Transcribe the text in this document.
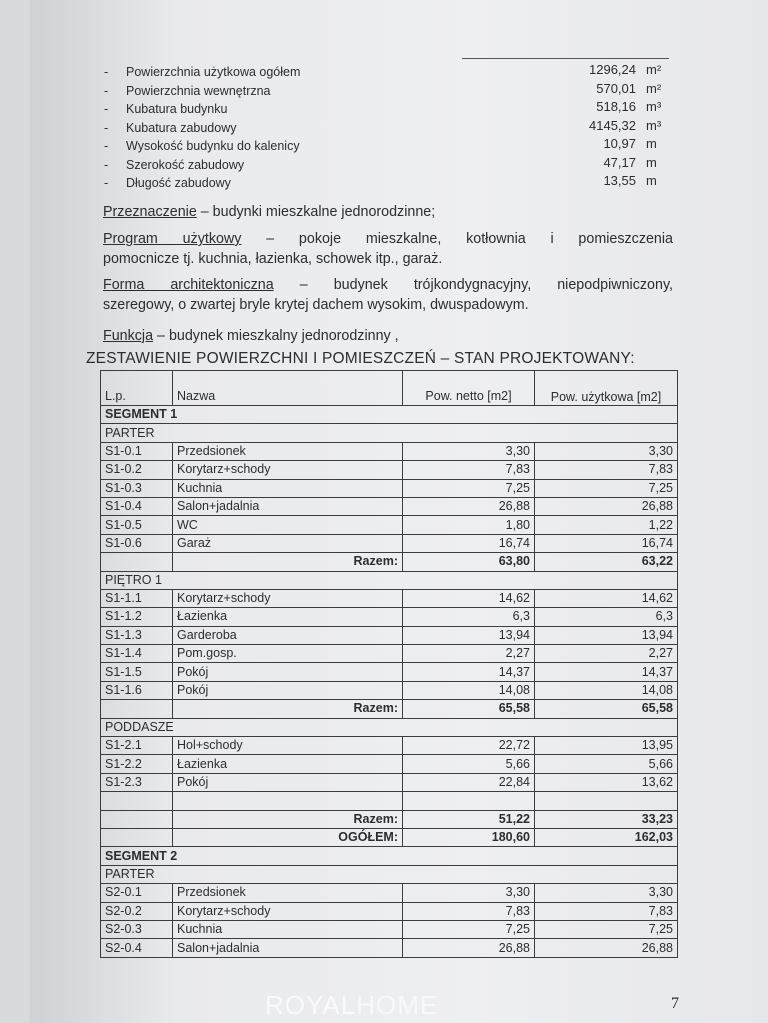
- Powierzchnia użytkowa ogółem	1296,24 m²
- Powierzchnia wewnętrzna	570,01 m²
- Kubatura budynku	518,16 m³
- Kubatura zabudowy	4145,32 m³
- Wysokość budynku do kalenicy	10,97 m
- Szerokość zabudowy	47,17 m
- Długość zabudowy	13,55 m
Przeznaczenie – budynki mieszkalne jednorodzinne;
Program użytkowy – pokoje mieszkalne, kotłownia i pomieszczenia
pomocnicze tj. kuchnia, łazienka, schowek itp., garaż.
Forma architektoniczna – budynek trójkondygnacyjny, niepodpiwniczony,
szeregowy, o zwartej bryle krytej dachem wysokim, dwuspadowym.
Funkcja – budynek mieszkalny jednorodzinny ,
ZESTAWIENIE POWIERZCHNI I POMIESZCZEŃ – STAN PROJEKTOWANY:
L.p.	Nazwa	Pow. netto [m2]	Pow. użytkowa [m2]
SEGMENT 1			
PARTER			
S1-0.1	Przedsionek	3,30	3,30
S1-0.2	Korytarz+schody	7,83	7,83
S1-0.3	Kuchnia	7,25	7,25
S1-0.4	Salon+jadalnia	26,88	26,88
S1-0.5	WC	1,80	1,22
S1-0.6	Garaż	16,74	16,74
	Razem:	63,80	63,22
PIĘTRO 1			
S1-1.1	Korytarz+schody	14,62	14,62
S1-1.2	Łazienka	6,3	6,3
S1-1.3	Garderoba	13,94	13,94
S1-1.4	Pom.gosp.	2,27	2,27
S1-1.5	Pokój	14,37	14,37
S1-1.6	Pokój	14,08	14,08
	Razem:	65,58	65,58
PODDASZE			
S1-2.1	Hol+schody	22,72	13,95
S1-2.2	Łazienka	5,66	5,66
S1-2.3	Pokój	22,84	13,62

	Razem:	51,22	33,23
	OGÓŁEM:	180,60	162,03
SEGMENT 2			
PARTER			
S2-0.1	Przedsionek	3,30	3,30
S2-0.2	Korytarz+schody	7,83	7,83
S2-0.3	Kuchnia	7,25	7,25
S2-0.4	Salon+jadalnia	26,88	26,88
ROYALHOME	7
